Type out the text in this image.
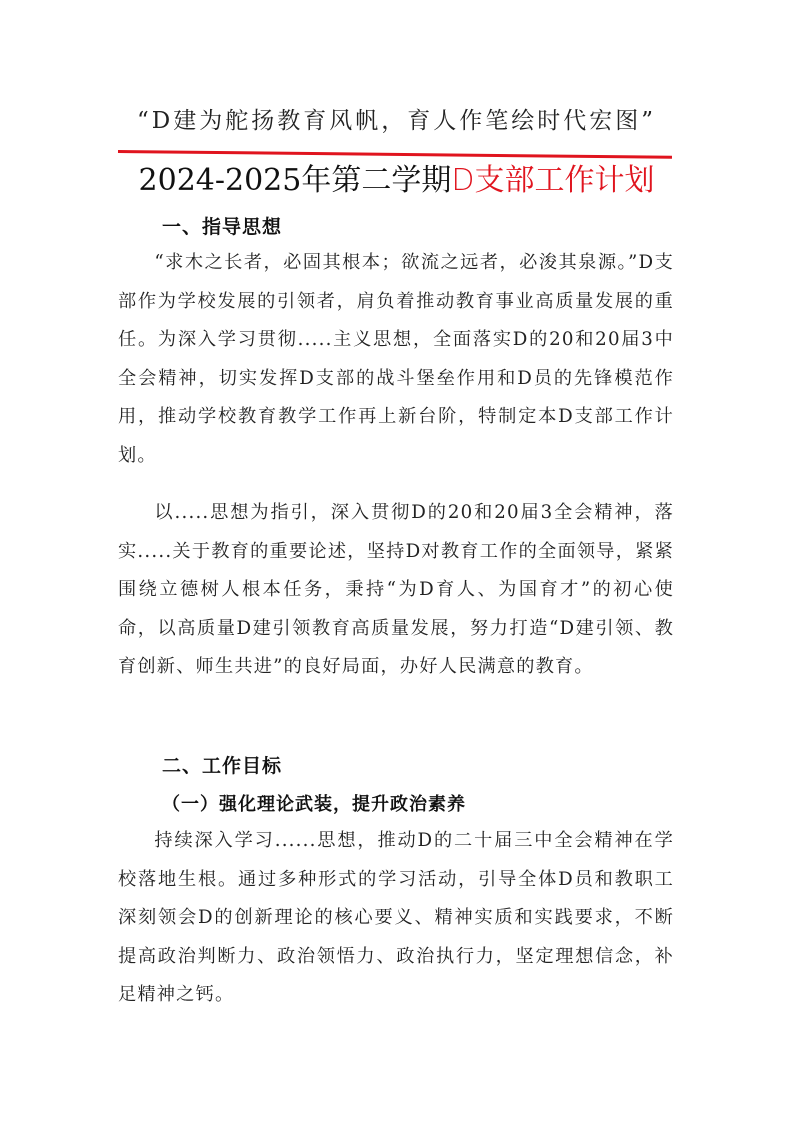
“D建为舵扬教育风帆，育人作笔绘时代宏图”
2024-2025年第二学期D支部工作计划
一、指导思想

“求木之长者，必固其根本；欲流之远者，必浚其泉源。”D支部作为学校发展的引领者，肩负着推动教育事业高质量发展的重任。为深入学习贯彻.....主义思想，全面落实D的20和20届3中全会精神，切实发挥D支部的战斗堡垒作用和D员的先锋模范作用，推动学校教育教学工作再上新台阶，特制定本D支部工作计划。

以.....思想为指引，深入贯彻D的20和20届3全会精神，落实.....关于教育的重要论述，坚持D对教育工作的全面领导，紧紧围绕立德树人根本任务，秉持“为D育人、为国育才”的初心使命，以高质量D建引领教育高质量发展，努力打造“D建引领、教育创新、师生共进”的良好局面，办好人民满意的教育。

二、工作目标
（一）强化理论武装，提升政治素养

持续深入学习......思想，推动D的二十届三中全会精神在学校落地生根。通过多种形式的学习活动，引导全体D员和教职工深刻领会D的创新理论的核心要义、精神实质和实践要求，不断提高政治判断力、政治领悟力、政治执行力，坚定理想信念，补足精神之钙。
